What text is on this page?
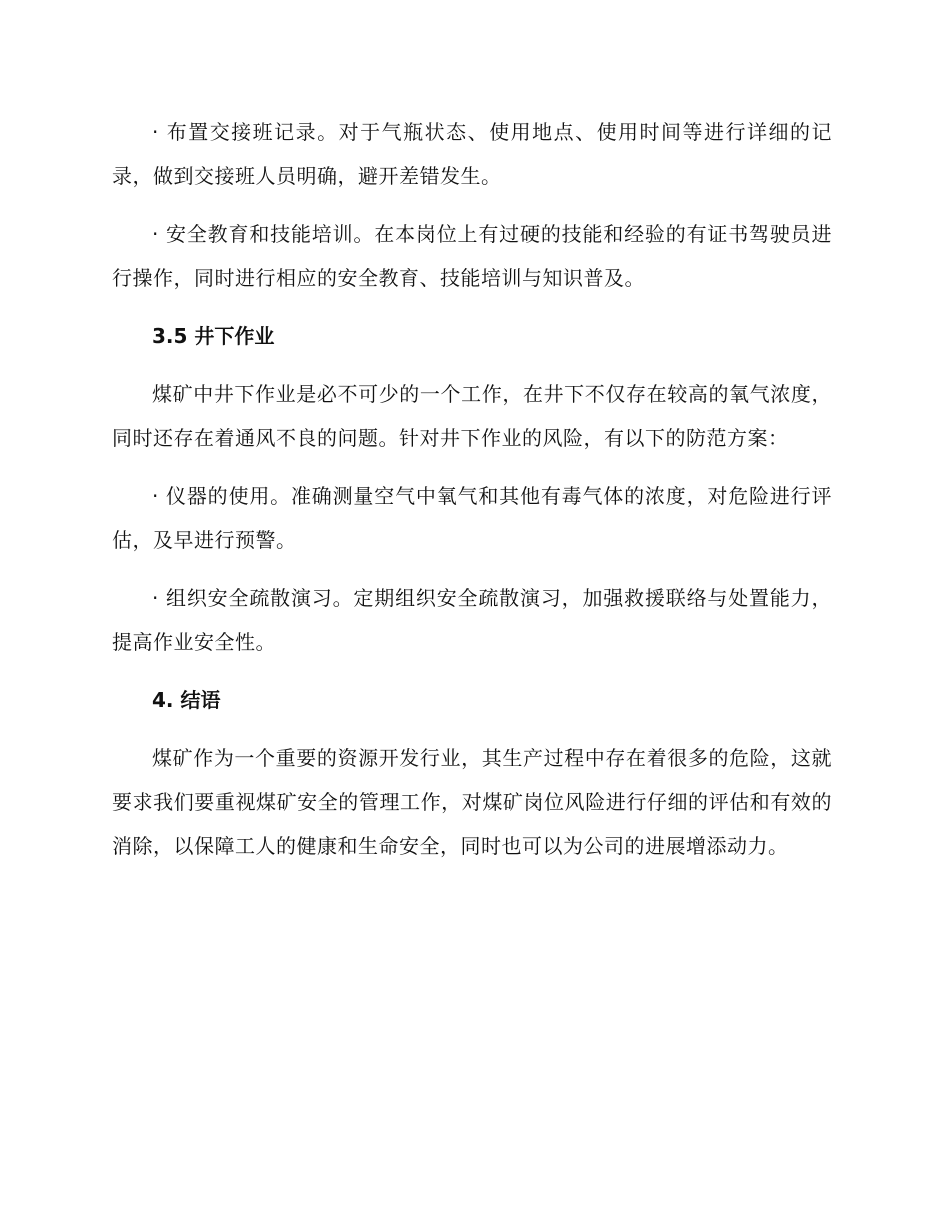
· 布置交接班记录。对于气瓶状态、使用地点、使用时间等进行详细的记录，做到交接班人员明确，避开差错发生。

· 安全教育和技能培训。在本岗位上有过硬的技能和经验的有证书驾驶员进行操作，同时进行相应的安全教育、技能培训与知识普及。

3.5 井下作业

煤矿中井下作业是必不可少的一个工作，在井下不仅存在较高的氧气浓度，同时还存在着通风不良的问题。针对井下作业的风险，有以下的防范方案：

· 仪器的使用。准确测量空气中氧气和其他有毒气体的浓度，对危险进行评估，及早进行预警。

· 组织安全疏散演习。定期组织安全疏散演习，加强救援联络与处置能力，提高作业安全性。

4. 结语

煤矿作为一个重要的资源开发行业，其生产过程中存在着很多的危险，这就要求我们要重视煤矿安全的管理工作，对煤矿岗位风险进行仔细的评估和有效的消除，以保障工人的健康和生命安全，同时也可以为公司的进展增添动力。
